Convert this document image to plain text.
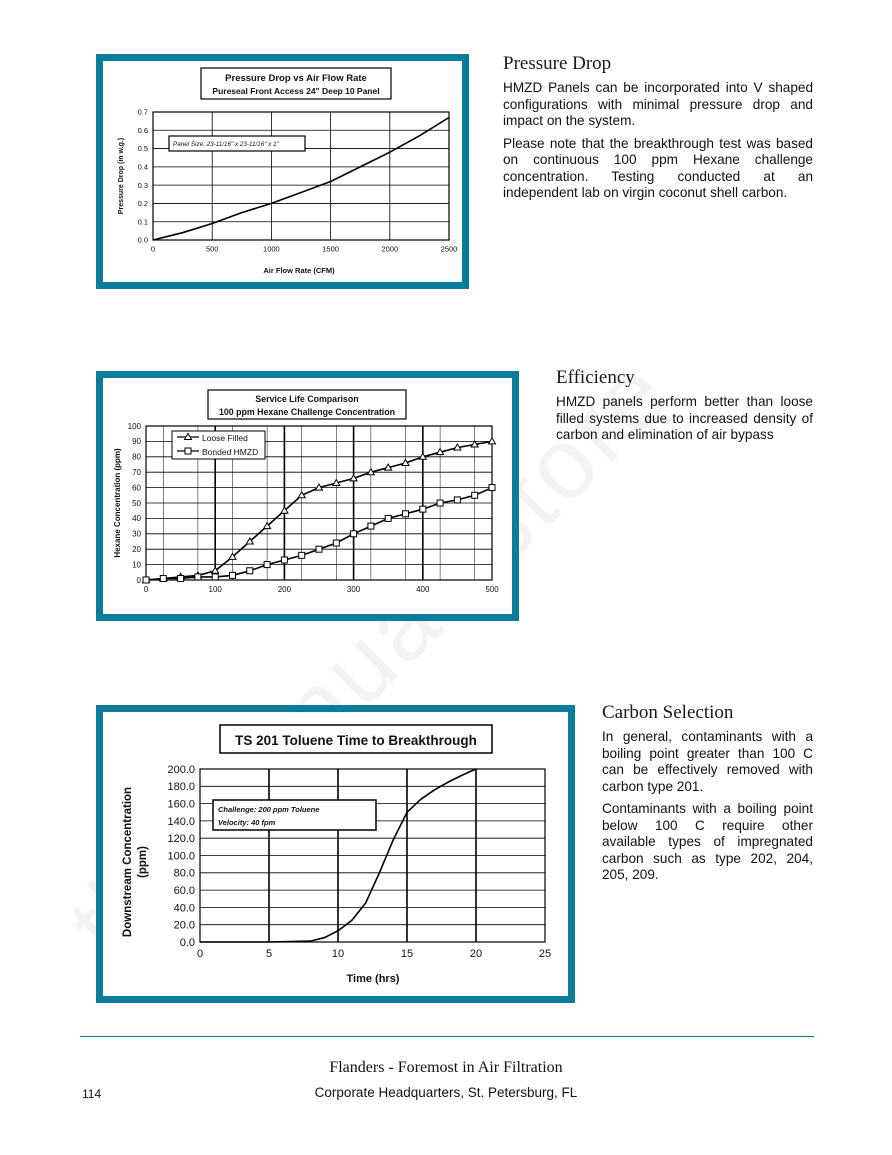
0.0
0.1
0.2
0.3
0.4
0.5
0.6
0.7
0	500	1000	1500	2000	2500
Pressure Drop vs Air Flow Rate
Pureseal Front Access 24" Deep 10 Panel
Panel Size: 23-11/16" x 23-11/16" x 1"
Air Flow Rate (CFM)
Pressure Drop (in w.g.)
0
10
20
30
40
50
60
70
80
90
100
0	100	200	300	400	500
Service Life Comparison
100 ppm Hexane Challenge Concentration
Loose Filled
Bonded HMZD
Hexane Concentration (ppm)
0.0
20.0
40.0
60.0
80.0
100.0
120.0
140.0
160.0
180.0
200.0
0	5	10	15	20	25
TS 201 Toluene Time to Breakthrough
Challenge: 200 ppm Toluene
Velocity: 40 fpm
Time (hrs)
Downstream Concentration (ppm)
Pressure Drop

HMZD Panels can be incorporated into V shaped configurations with minimal pressure drop and impact on the system.

Please note that the breakthrough test was based on continuous 100 ppm Hexane challenge concentration. Testing conducted at an independent lab on virgin coconut shell carbon.

Efficiency

HMZD panels perform better than loose filled systems due to increased density of carbon and elimination of air bypass

Carbon Selection

In general, contaminants with a boiling point greater than 100 C can be effectively removed with carbon type 201.

Contaminants with a boiling point below 100 C require other available types of impregnated carbon such as type 202, 204, 205, 209.

Flanders - Foremost in Air Filtration
Corporate Headquarters, St. Petersburg, FL
114
